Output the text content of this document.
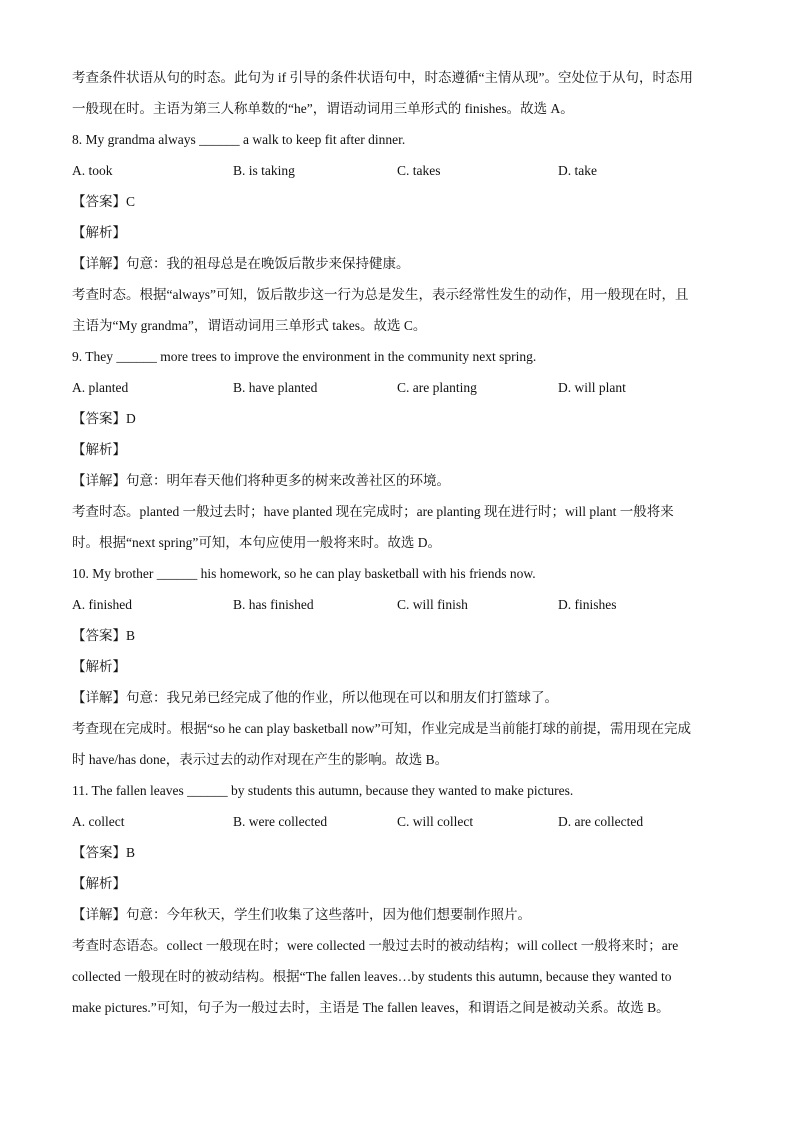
考查条件状语从句的时态。此句为 if 引导的条件状语句中，时态遵循“主情从现”。空处位于从句，时态用
一般现在时。主语为第三人称单数的“he”，谓语动词用三单形式的 finishes。故选 A。
8. My grandma always ______ a walk to keep fit after dinner.
A. took	B. is taking	C. takes	D. take
【答案】C
【解析】
【详解】句意：我的祖母总是在晚饭后散步来保持健康。
考查时态。根据“always”可知，饭后散步这一行为总是发生，表示经常性发生的动作，用一般现在时，且
主语为“My grandma”，谓语动词用三单形式 takes。故选 C。
9. They ______ more trees to improve the environment in the community next spring.
A. planted	B. have planted	C. are planting	D. will plant
【答案】D
【解析】
【详解】句意：明年春天他们将种更多的树来改善社区的环境。
考查时态。planted 一般过去时；have planted 现在完成时；are planting 现在进行时；will plant 一般将来
时。根据“next spring”可知，本句应使用一般将来时。故选 D。
10. My brother ______ his homework, so he can play basketball with his friends now.
A. finished	B. has finished	C. will finish	D. finishes
【答案】B
【解析】
【详解】句意：我兄弟已经完成了他的作业，所以他现在可以和朋友们打篮球了。
考查现在完成时。根据“so he can play basketball now”可知，作业完成是当前能打球的前提，需用现在完成
时 have/has done，表示过去的动作对现在产生的影响。故选 B。
11. The fallen leaves ______ by students this autumn, because they wanted to make pictures.
A. collect	B. were collected	C. will collect	D. are collected
【答案】B
【解析】
【详解】句意：今年秋天，学生们收集了这些落叶，因为他们想要制作照片。
考查时态语态。collect 一般现在时；were collected 一般过去时的被动结构；will collect 一般将来时；are
collected 一般现在时的被动结构。根据“The fallen leaves…by students this autumn, because they wanted to
make pictures.”可知，句子为一般过去时，主语是 The fallen leaves，和谓语之间是被动关系。故选 B。
